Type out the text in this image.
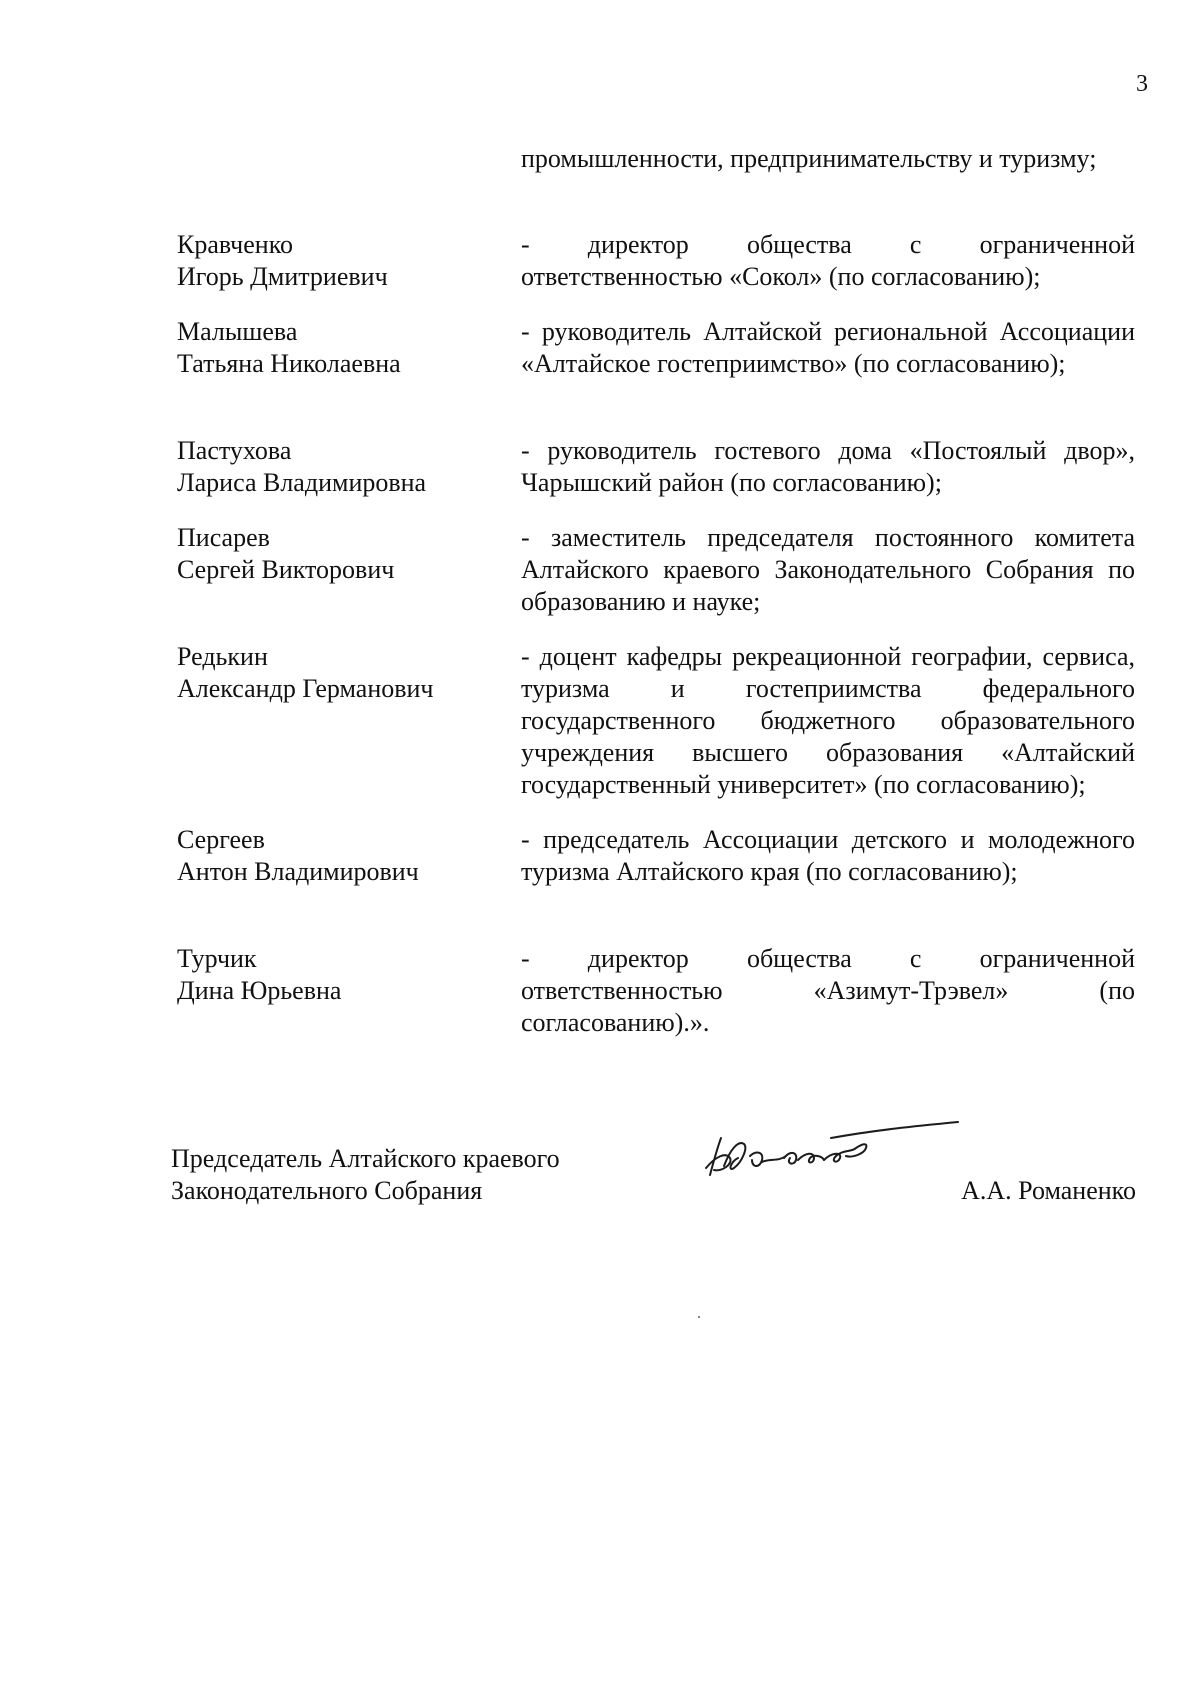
3
промышленности, предпринимательству и туризму;
Кравченко
Игорь Дмитриевич
- директор общества с ограниченной ответственностью «Сокол» (по согласованию);
Малышева
Татьяна Николаевна
- руководитель Алтайской региональной Ассоциации «Алтайское гостеприимство» (по согласованию);
Пастухова
Лариса Владимировна
- руководитель гостевого дома «Постоялый двор», Чарышский район (по согласованию);
Писарев
Сергей Викторович
- заместитель председателя постоянного комитета Алтайского краевого Законодательного Собрания по образованию и науке;
Редькин
Александр Германович
- доцент кафедры рекреационной географии, сервиса, туризма и гостеприимства федерального государственного бюджетного образовательного учреждения высшего образования «Алтайский государственный университет» (по согласованию);
Сергеев
Антон Владимирович
- председатель Ассоциации детского и молодежного туризма Алтайского края (по согласованию);
Турчик
Дина Юрьевна
- директор общества с ограниченной ответственностью «Азимут-Трэвел» (по согласованию).».
Председатель Алтайского краевого
Законодательного Собрания	А.А. Романенко
